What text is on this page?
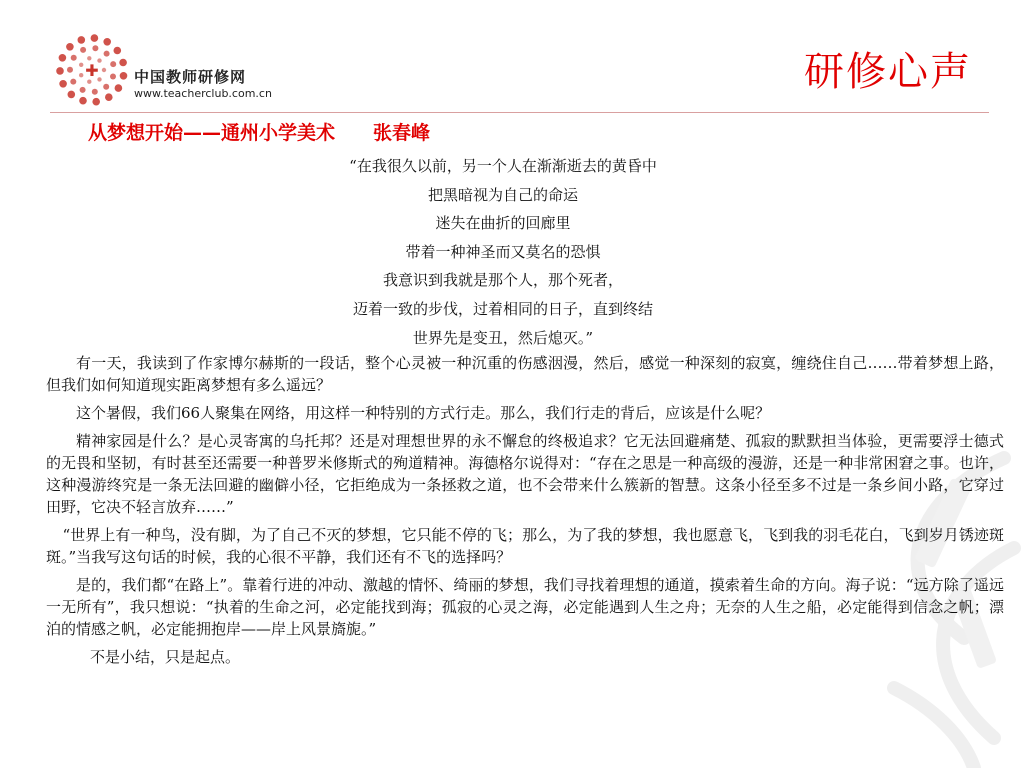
✚ 中国教师研修网
www.teacherclub.com.cn	研修心声
从梦想开始——通州小学美术　　张春峰
“在我很久以前，另一个人在渐渐逝去的黄昏中
把黑暗视为自己的命运
迷失在曲折的回廊里
带着一种神圣而又莫名的恐惧
我意识到我就是那个人，那个死者，
迈着一致的步伐，过着相同的日子，直到终结
世界先是变丑，然后熄灭。”

有一天，我读到了作家博尔赫斯的一段话，整个心灵被一种沉重的伤感洇漫，然后，感觉一种深刻的寂寞，缠绕住自己……带着梦想上路，但我们如何知道现实距离梦想有多么遥远？

这个暑假，我们66人聚集在网络，用这样一种特别的方式行走。那么，我们行走的背后，应该是什么呢？

精神家园是什么？是心灵寄寓的乌托邦？还是对理想世界的永不懈怠的终极追求？它无法回避痛楚、孤寂的默默担当体验，更需要浮士德式的无畏和坚韧，有时甚至还需要一种普罗米修斯式的殉道精神。海德格尔说得对：“存在之思是一种高级的漫游，还是一种非常困窘之事。也许，这种漫游终究是一条无法回避的幽僻小径，它拒绝成为一条拯救之道，也不会带来什么簇新的智慧。这条小径至多不过是一条乡间小路，它穿过田野，它决不轻言放弃……”

“世界上有一种鸟，没有脚，为了自己不灭的梦想，它只能不停的飞；那么，为了我的梦想，我也愿意飞，飞到我的羽毛花白，飞到岁月锈迹斑斑。”当我写这句话的时候，我的心很不平静，我们还有不飞的选择吗？

是的，我们都“在路上”。靠着行进的冲动、激越的情怀、绮丽的梦想，我们寻找着理想的通道，摸索着生命的方向。海子说：“远方除了遥远一无所有”，我只想说：“执着的生命之河，必定能找到海；孤寂的心灵之海，必定能遇到人生之舟；无奈的人生之船，必定能得到信念之帆；漂泊的情感之帆，必定能拥抱岸——岸上风景旖旎。”

不是小结，只是起点。
